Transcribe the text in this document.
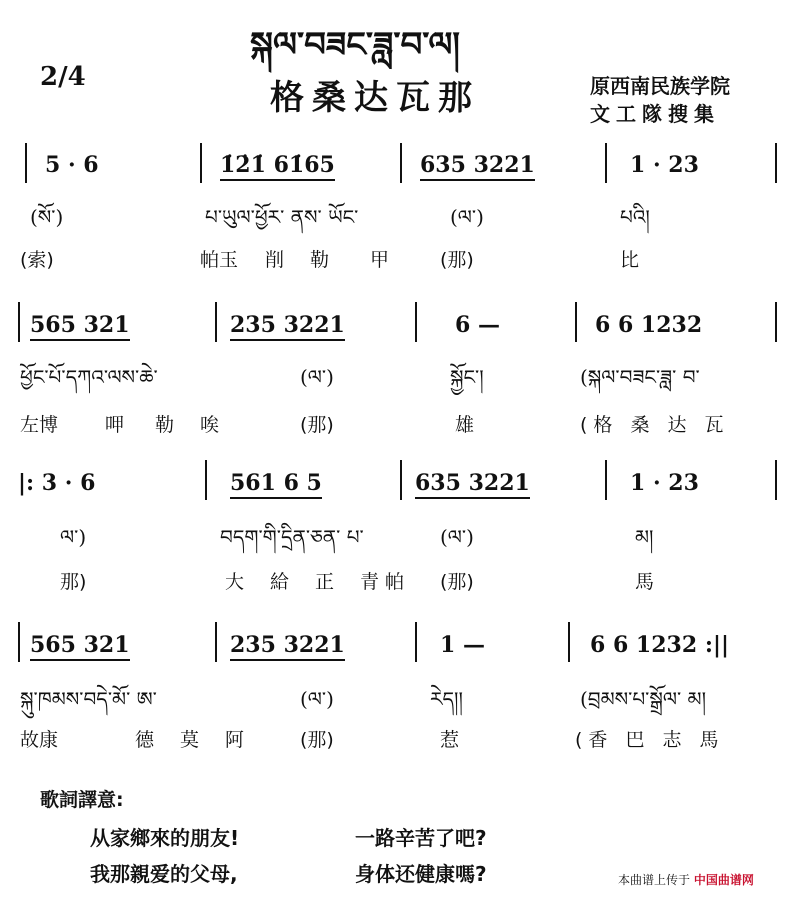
སྐལ་བཟང་ཟླ་བ་ལ།
2/4
格桑达瓦那	原西南民族学院
文工隊搜集
5 · 6	1̇2̇1̇ 61̇65	635 3221	1 · 23
(སོ་)	པ་ཡུལ་ཕྱོར་ ནས་ ཡོང་	(ལ་)	པའི།
(索)	帕玉 削 勒 甲	(那)	比
565 321	235 3221	6 —	6 6 1232
ཕྱོང་པོ་དཀའ་ལས་ཆེ་	(ལ་)	སྐྱོང་།	(སྐལ་བཟང་ཟླ་ བ་
左博 呷 勒 唉	(那)	雄	(格 桑 达 瓦
|: 3 · 6	561 6 5	635 3221	1 · 23
ལ་)	བདག་གི་དྲིན་ཅན་ པ་	(ལ་)	མ།
那)	大 給 正 青 帕 (那)	馬
565 321	235 3221	1 —	6 6 1232 :||
སྐུ་ཁམས་བདེ་མོ་ ཨ་	(ལ་)	རེད།།	(བྲམས་པ་སྒྲོལ་ མ།
故康	德 莫 阿	(那)	惹	(香 巴 志 馬
歌詞譯意:
从家鄉來的朋友!	一路辛苦了吧?
我那親爱的父母,	身体还健康嗎?	本曲谱上传于 中国曲谱网
